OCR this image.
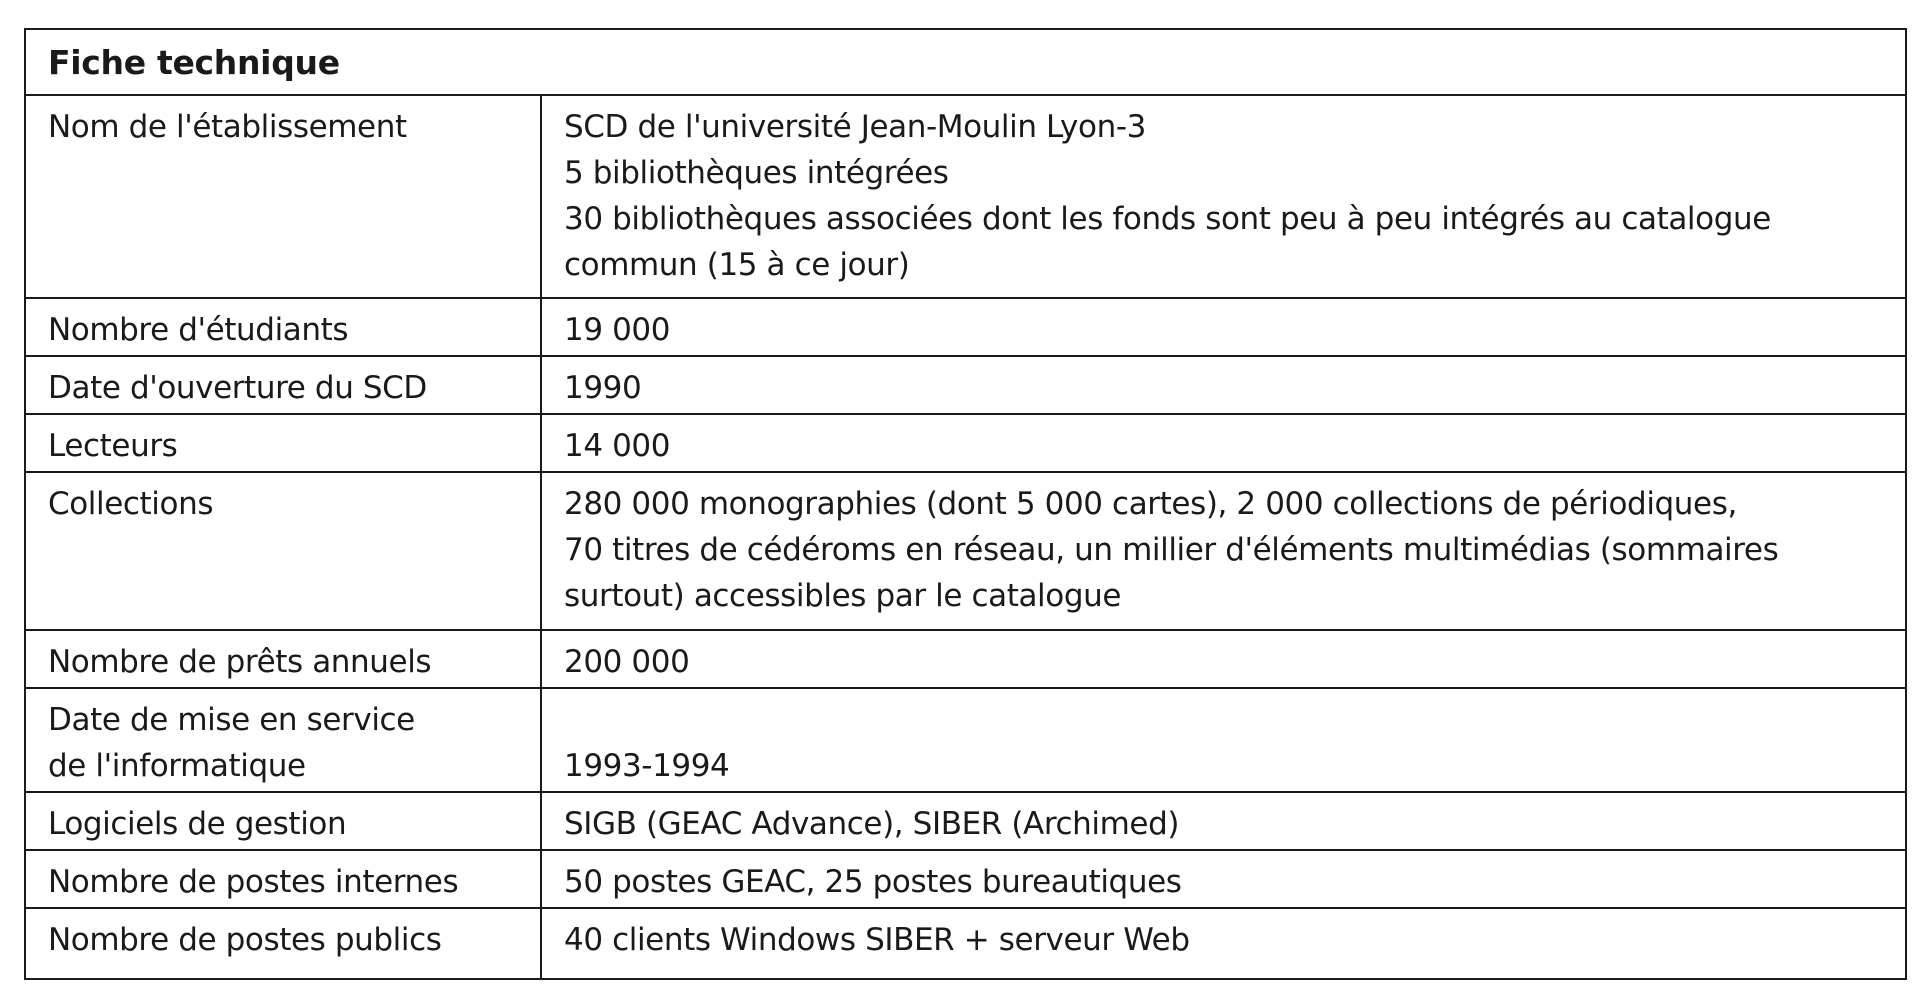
Fiche technique
Nom de l'établissement	SCD de l'université Jean-Moulin Lyon-3
5 bibliothèques intégrées
30 bibliothèques associées dont les fonds sont peu à peu intégrés au catalogue
commun (15 à ce jour)

Nombre d'étudiants	19 000

Date d'ouverture du SCD	1990

Lecteurs	14 000

Collections	280 000 monographies (dont 5 000 cartes), 2 000 collections de périodiques,
70 titres de cédéroms en réseau, un millier d'éléments multimédias (sommaires
surtout) accessibles par le catalogue

Nombre de prêts annuels	200 000

Date de mise en service
de l'informatique	1993-1994

Logiciels de gestion	SIGB (GEAC Advance), SIBER (Archimed)

Nombre de postes internes	50 postes GEAC, 25 postes bureautiques

Nombre de postes publics	40 clients Windows SIBER + serveur Web
